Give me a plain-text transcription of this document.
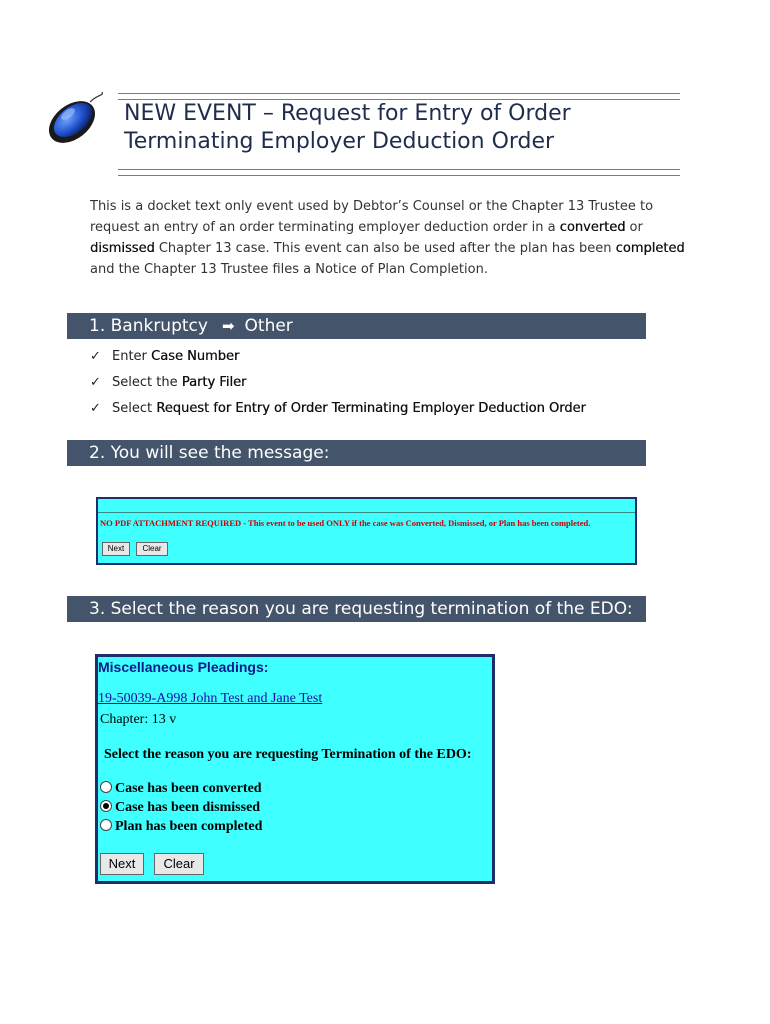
NEW EVENT – Request for Entry of Order
Terminating Employer Deduction Order
This is a docket text only event used by Debtor’s Counsel or the Chapter 13 Trustee to request an entry of an order terminating employer deduction order in a converted or dismissed Chapter 13 case. This event can also be used after the plan has been completed and the Chapter 13 Trustee files a Notice of Plan Completion.
1. Bankruptcy ➡ Other
✓ Enter Case Number
✓ Select the Party Filer
✓ Select Request for Entry of Order Terminating Employer Deduction Order
2. You will see the message:
NO PDF ATTACHMENT REQUIRED - This event to be used ONLY if the case was Converted, Dismissed, or Plan has been completed.
Next	Clear
3. Select the reason you are requesting termination of the EDO:
Miscellaneous Pleadings:
19-50039-A998 John Test and Jane Test
Chapter: 13 v
Select the reason you are requesting Termination of the EDO:
Case has been converted
Case has been dismissed
Plan has been completed
Next	Clear
